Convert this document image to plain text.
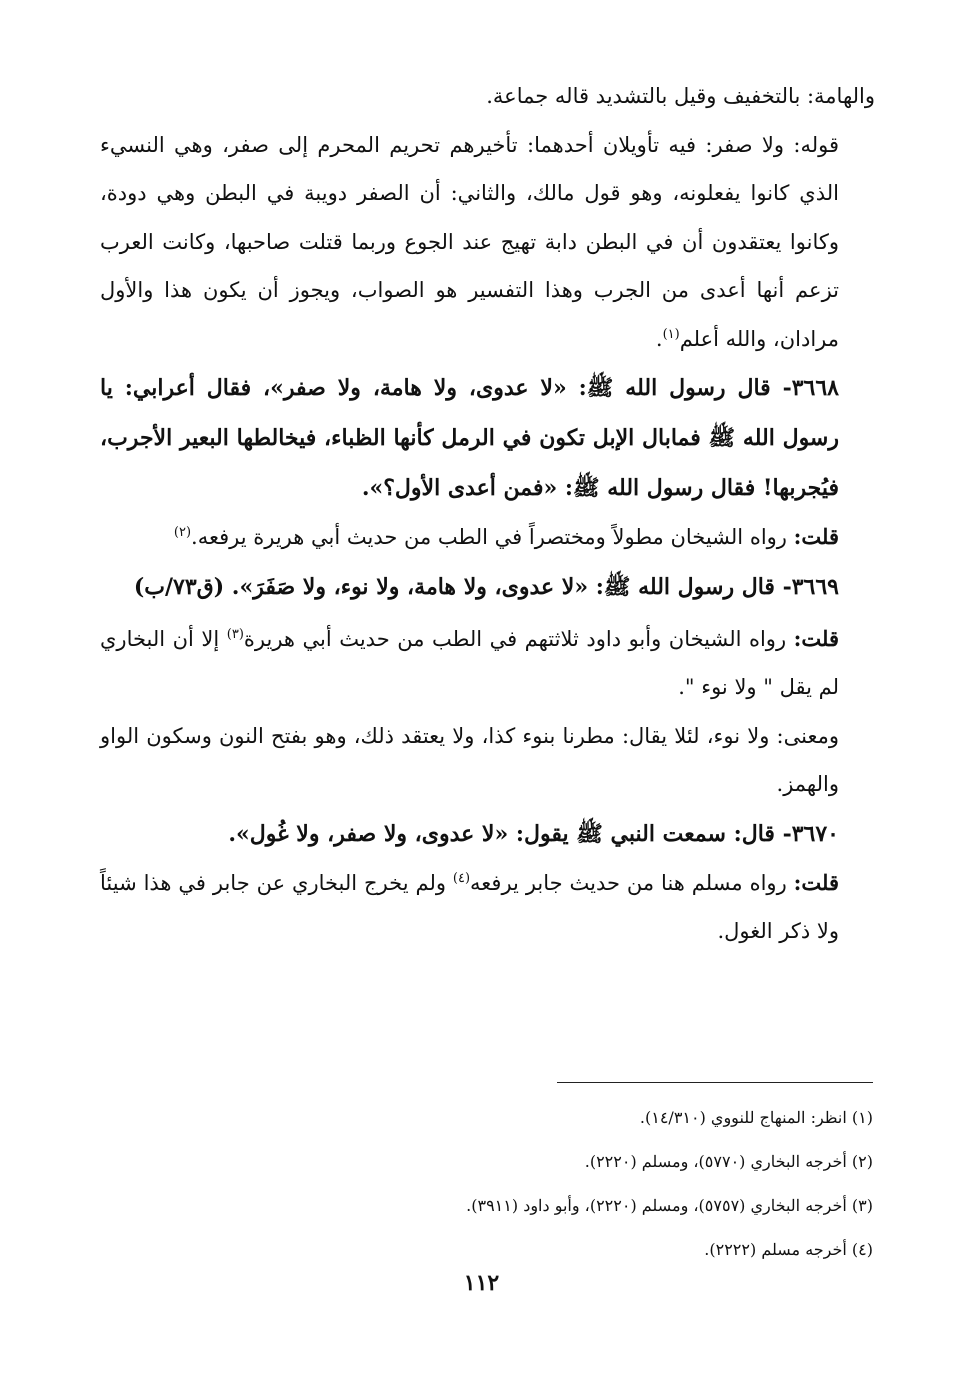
والهامة: بالتخفيف وقيل بالتشديد قاله جماعة.

قوله: ولا صفر: فيه تأويلان أحدهما: تأخيرهم تحريم المحرم إلى صفر، وهي النسيء الذي كانوا يفعلونه، وهو قول مالك، والثاني: أن الصفر دويبة في البطن وهي دودة، وكانوا يعتقدون أن في البطن دابة تهيج عند الجوع وربما قتلت صاحبها، وكانت العرب تزعم أنها أعدى من الجرب وهذا التفسير هو الصواب، ويجوز أن يكون هذا والأول مرادان، والله أعلم$^{(١)}$.

٣٦٦٨- قال رسول الله ﷺ: «لا عدوى، ولا هامة، ولا صفر»، فقال أعرابي: يا رسول الله ﷺ فمابال الإبل تكون في الرمل كأنها الظباء، فيخالطها البعير الأجرب، فيُجربها! فقال رسول الله ﷺ: «فمن أعدى الأول؟».

قلت: رواه الشيخان مطولاً ومختصراً في الطب من حديث أبي هريرة يرفعه.$^{(٢)}$

٣٦٦٩- قال رسول الله ﷺ: «لا عدوى، ولا هامة، ولا نوء، ولا صَفَرَ». (ق٧٣/ب)

قلت: رواه الشيخان وأبو داود ثلاثتهم في الطب من حديث أبي هريرة$^{(٣)}$ إلا أن البخاري لم يقل " ولا نوء ".

ومعنى: ولا نوء، لئلا يقال: مطرنا بنوء كذا، ولا يعتقد ذلك، وهو بفتح النون وسكون الواو والهمز.

٣٦٧٠- قال: سمعت النبي ﷺ يقول: «لا عدوى، ولا صفر، ولا غُول».

قلت: رواه مسلم هنا من حديث جابر يرفعه$^{(٤)}$ ولم يخرج البخاري عن جابر في هذا شيئاً ولا ذكر الغول.

(١) انظر: المنهاج للنووي (١٤/٣١٠).

(٢) أخرجه البخاري (٥٧٧٠)، ومسلم (٢٢٢٠).

(٣) أخرجه البخاري (٥٧٥٧)، ومسلم (٢٢٢٠)، وأبو داود (٣٩١١).

(٤) أخرجه مسلم (٢٢٢٢).

١١٢
